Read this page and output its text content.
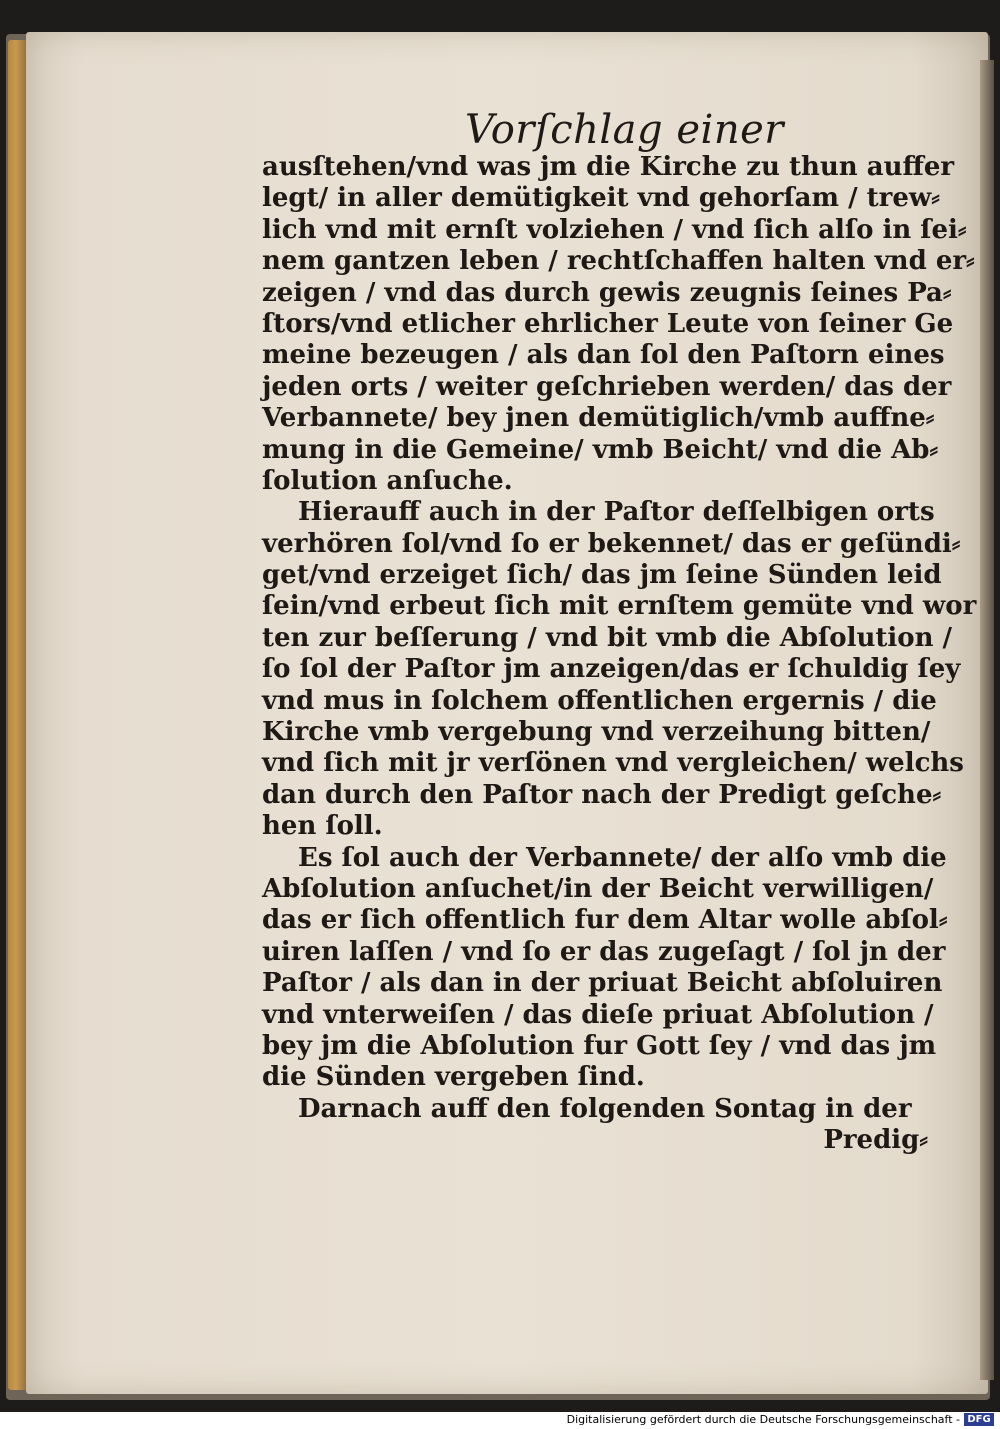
Vorſchlag einer
ausſtehen/vnd was jm die Kirche zu thun auffer
legt/ in aller demütigkeit vnd gehorſam / trew⸗
lich vnd mit ernſt volziehen / vnd ſich alſo in ſei⸗
nem gantzen leben / rechtſchaffen halten vnd er⸗
zeigen / vnd das durch gewis zeugnis ſeines Pa⸗
ſtors/vnd etlicher ehrlicher Leute von ſeiner Ge
meine bezeugen / als dan ſol den Paſtorn eines
jeden orts / weiter geſchrieben werden/ das der
Verbannete/ bey jnen demütiglich/vmb auffne⸗
mung in die Gemeine/ vmb Beicht/ vnd die Ab⸗
ſolution anſuche.
Hierauff auch in der Paſtor deſſelbigen orts
verhören ſol/vnd ſo er bekennet/ das er geſündi⸗
get/vnd erzeiget ſich/ das jm ſeine Sünden leid
ſein/vnd erbeut ſich mit ernſtem gemüte vnd wor
ten zur beſſerung / vnd bit vmb die Abſolution /
ſo ſol der Paſtor jm anzeigen/das er ſchuldig ſey
vnd mus in ſolchem offentlichen ergernis / die
Kirche vmb vergebung vnd verzeihung bitten/
vnd ſich mit jr verſönen vnd vergleichen/ welchs
dan durch den Paſtor nach der Predigt geſche⸗
hen ſoll.
Es ſol auch der Verbannete/ der alſo vmb die
Abſolution anſuchet/in der Beicht verwilligen/
das er ſich offentlich fur dem Altar wolle abſol⸗
uiren laſſen / vnd ſo er das zugeſagt / ſol jn der
Paſtor / als dan in der priuat Beicht abſoluiren
vnd vnterweiſen / das dieſe priuat Abſolution /
bey jm die Abſolution fur Gott ſey / vnd das jm
die Sünden vergeben ſind.
Darnach auff den folgenden Sontag in der
Predig⸗
Digitalisierung gefördert durch die Deutsche Forschungsgemeinschaft - DFG
